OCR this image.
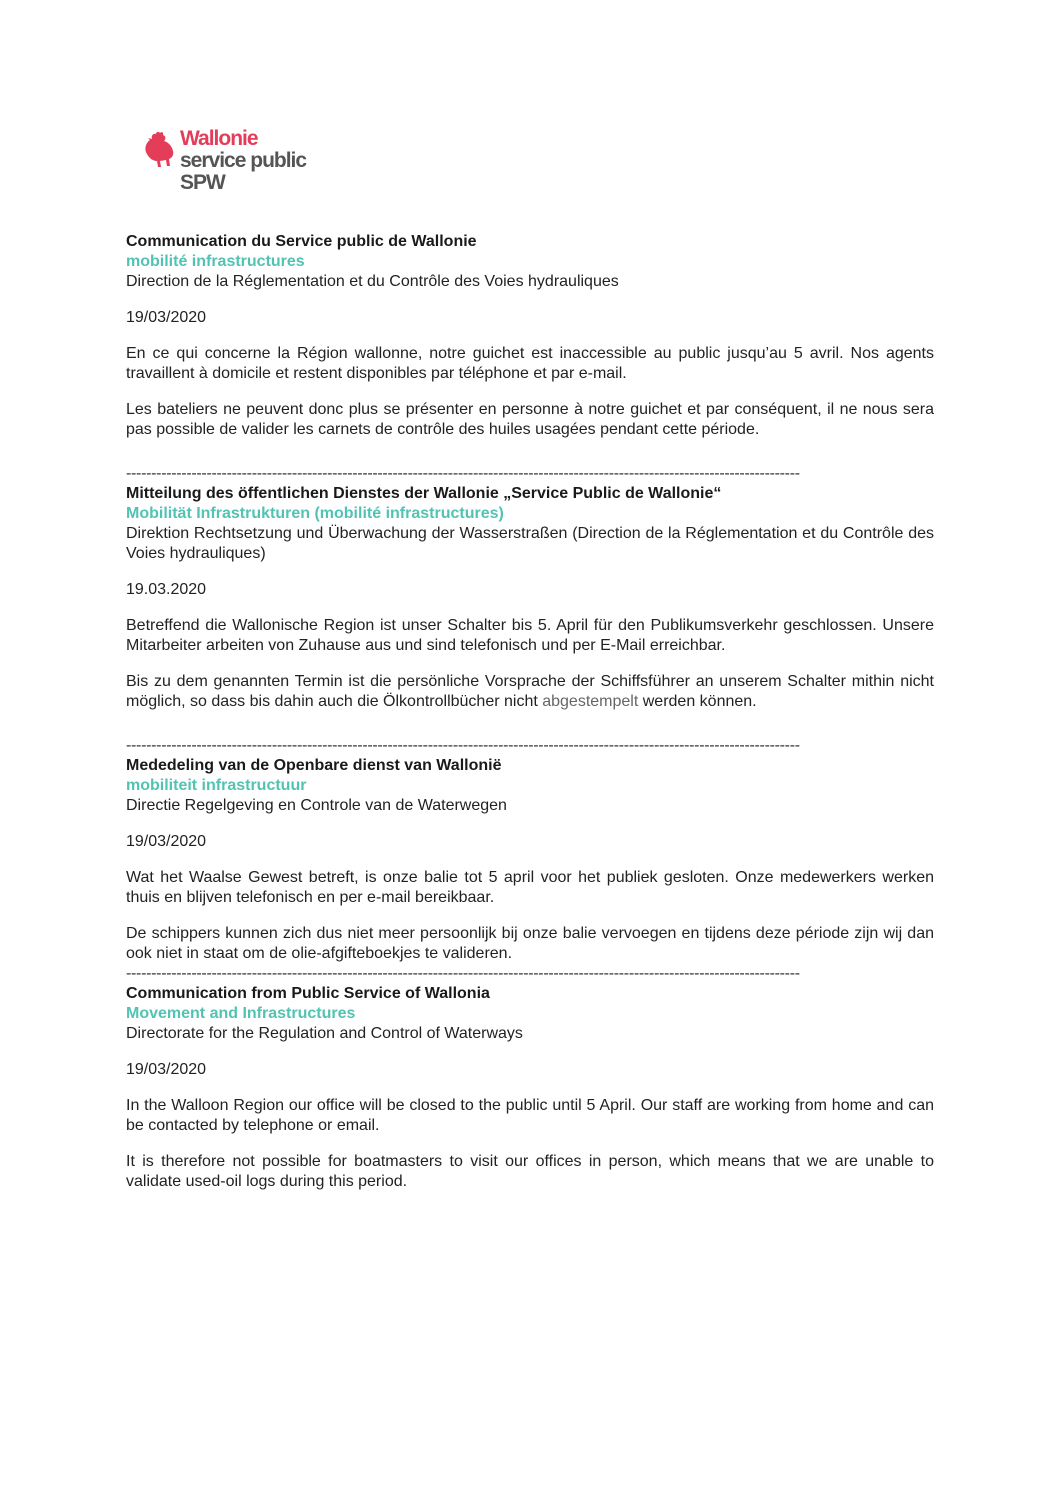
Wallonie
service public
SPW

Communication du Service public de Wallonie

mobilité infrastructures

Direction de la Réglementation et du Contrôle des Voies hydrauliques

19/03/2020

En ce qui concerne la Région wallonne, notre guichet est inaccessible au public jusqu’au 5 avril. Nos agents travaillent à domicile et restent disponibles par téléphone et par e-mail.

Les bateliers ne peuvent donc plus se présenter en personne à notre guichet et par conséquent, il ne nous sera pas possible de valider les carnets de contrôle des huiles usagées pendant cette période.

--------------------------------------------------------------------------------------------------------------------------------------

Mitteilung des öffentlichen Dienstes der Wallonie „Service Public de Wallonie“

Mobilität Infrastrukturen (mobilité infrastructures)

Direktion Rechtsetzung und Überwachung der Wasserstraßen (Direction de la Réglementation et du Contrôle des Voies hydrauliques)

19.03.2020

Betreffend die Wallonische Region ist unser Schalter bis 5. April für den Publikumsverkehr geschlossen. Unsere Mitarbeiter arbeiten von Zuhause aus und sind telefonisch und per E-Mail erreichbar.

Bis zu dem genannten Termin ist die persönliche Vorsprache der Schiffsführer an unserem Schalter mithin nicht möglich, so dass bis dahin auch die Ölkontrollbücher nicht abgestempelt werden können.

--------------------------------------------------------------------------------------------------------------------------------------

Mededeling van de Openbare dienst van Wallonië

mobiliteit infrastructuur

Directie Regelgeving en Controle van de Waterwegen

19/03/2020

Wat het Waalse Gewest betreft, is onze balie tot 5 april voor het publiek gesloten. Onze medewerkers werken thuis en blijven telefonisch en per e-mail bereikbaar.

De schippers kunnen zich dus niet meer persoonlijk bij onze balie vervoegen en tijdens deze période zijn wij dan ook niet in staat om de olie-afgifteboekjes te valideren.

--------------------------------------------------------------------------------------------------------------------------------------

Communication from Public Service of Wallonia

Movement and Infrastructures

Directorate for the Regulation and Control of Waterways

19/03/2020

In the Walloon Region our office will be closed to the public until 5 April. Our staff are working from home and can be contacted by telephone or email.

It is therefore not possible for boatmasters to visit our offices in person, which means that we are unable to validate used-oil logs during this period.
